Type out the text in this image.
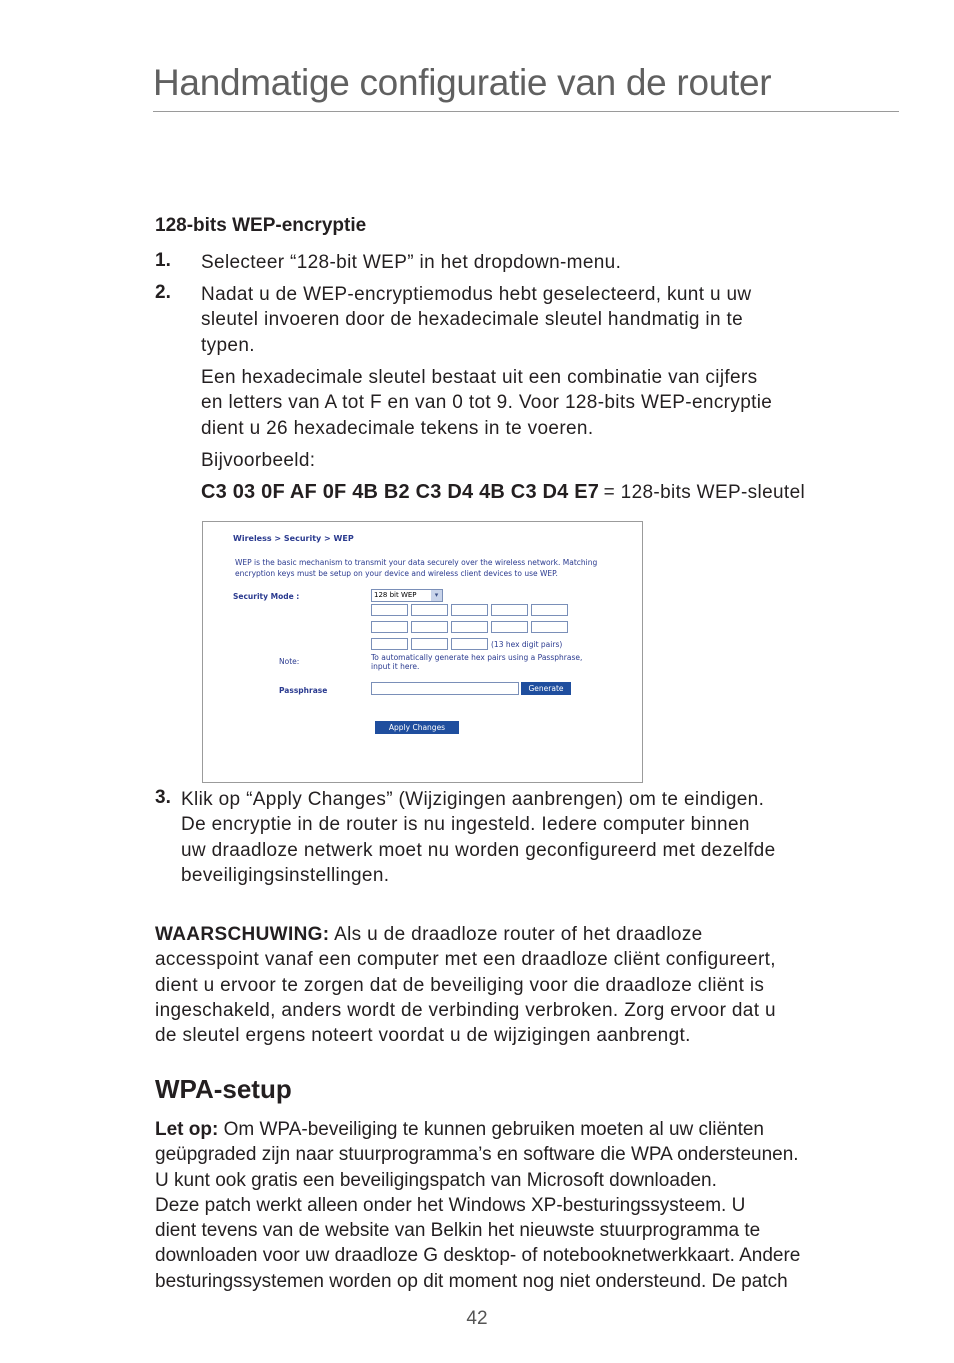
Handmatige configuratie van de router
128-bits WEP-encryptie
1. Selecteer “128-bit WEP” in het dropdown-menu.
2. Nadat u de WEP-encryptiemodus hebt geselecteerd, kunt u uw
sleutel invoeren door de hexadecimale sleutel handmatig in te
typen.
Een hexadecimale sleutel bestaat uit een combinatie van cijfers
en letters van A tot F en van 0 tot 9. Voor 128-bits WEP-encryptie
dient u 26 hexadecimale tekens in te voeren.
Bijvoorbeeld:
C3 03 0F AF 0F 4B B2 C3 D4 4B C3 D4 E7 = 128-bits WEP-sleutel
Wireless > Security > WEP
WEP is the basic mechanism to transmit your data securely over the wireless network. Matching
encryption keys must be setup on your device and wireless client devices to use WEP.
Security Mode :	128 bit WEP	▾
(13 hex digit pairs)
Note:	To automatically generate hex pairs using a Passphrase,
input it here.
Passphrase	Generate
Apply Changes
3. Klik op “Apply Changes” (Wijzigingen aanbrengen) om te eindigen.
De encryptie in de router is nu ingesteld. Iedere computer binnen
uw draadloze netwerk moet nu worden geconfigureerd met dezelfde
beveiligingsinstellingen.
WAARSCHUWING: Als u de draadloze router of het draadloze
accesspoint vanaf een computer met een draadloze cliënt configureert,
dient u ervoor te zorgen dat de beveiliging voor die draadloze cliënt is
ingeschakeld, anders wordt de verbinding verbroken. Zorg ervoor dat u
de sleutel ergens noteert voordat u de wijzigingen aanbrengt.
WPA-setup
Let op: Om WPA-beveiliging te kunnen gebruiken moeten al uw cliënten
geüpgraded zijn naar stuurprogramma’s en software die WPA ondersteunen.
U kunt ook gratis een beveiligingspatch van Microsoft downloaden.
Deze patch werkt alleen onder het Windows XP-besturingssysteem. U
dient tevens van de website van Belkin het nieuwste stuurprogramma te
downloaden voor uw draadloze G desktop- of notebooknetwerkkaart. Andere
besturingssystemen worden op dit moment nog niet ondersteund. De patch
42
